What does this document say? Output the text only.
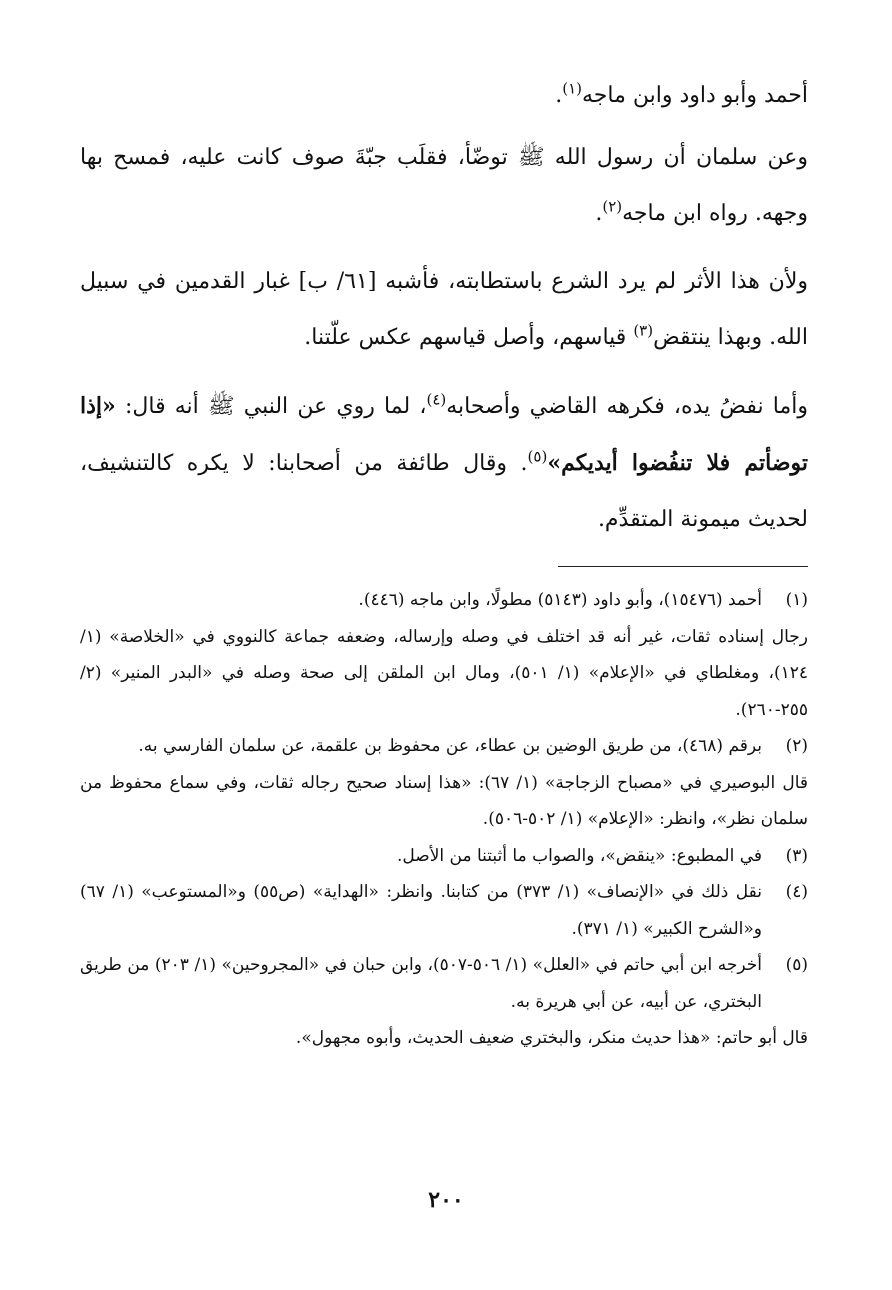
أحمد وأبو داود وابن ماجه$^{(١)}$.

وعن سلمان أن رسول الله ﷺ توضّأ، فقلَب جبّةَ صوف كانت عليه، فمسح بها وجهه. رواه ابن ماجه$^{(٢)}$.

ولأن هذا الأثر لم يرد الشرع باستطابته، فأشبه [٦١/ ب] غبار القدمين في سبيل الله. وبهذا ينتقض$^{(٣)}$ قياسهم، وأصل قياسهم عكس علّتنا.

وأما نفضُ يده، فكرهه القاضي وأصحابه$^{(٤)}$، لما روي عن النبي ﷺ أنه قال: «إذا توضأتم فلا تنفُضوا أيديكم»$^{(٥)}$. وقال طائفة من أصحابنا: لا يكره كالتنشيف، لحديث ميمونة المتقدِّم.

(١)
أحمد (١٥٤٧٦)، وأبو داود (٥١٤٣) مطولًا، وابن ماجه (٤٤٦).
رجال إسناده ثقات، غير أنه قد اختلف في وصله وإرساله، وضعفه جماعة كالنووي في «الخلاصة» (١/ ١٢٤)، ومغلطاي في «الإعلام» (١/ ٥٠١)، ومال ابن الملقن إلى صحة وصله في «البدر المنير» (٢/ ٢٥٥-٢٦٠).
(٢)
برقم (٤٦٨)، من طريق الوضين بن عطاء، عن محفوظ بن علقمة، عن سلمان الفارسي به.
قال البوصيري في «مصباح الزجاجة» (١/ ٦٧): «هذا إسناد صحيح رجاله ثقات، وفي سماع محفوظ من سلمان نظر»، وانظر: «الإعلام» (١/ ٥٠٢-٥٠٦).
(٣)
في المطبوع: «ينقض»، والصواب ما أثبتنا من الأصل.
(٤)
نقل ذلك في «الإنصاف» (١/ ٣٧٣) من كتابنا. وانظر: «الهداية» (ص٥٥) و«المستوعب» (١/ ٦٧) و«الشرح الكبير» (١/ ٣٧١).
(٥)
أخرجه ابن أبي حاتم في «العلل» (١/ ٥٠٦-٥٠٧)، وابن حبان في «المجروحين» (١/ ٢٠٣) من طريق البختري، عن أبيه، عن أبي هريرة به.
قال أبو حاتم: «هذا حديث منكر، والبختري ضعيف الحديث، وأبوه مجهول».
٢٠٠
